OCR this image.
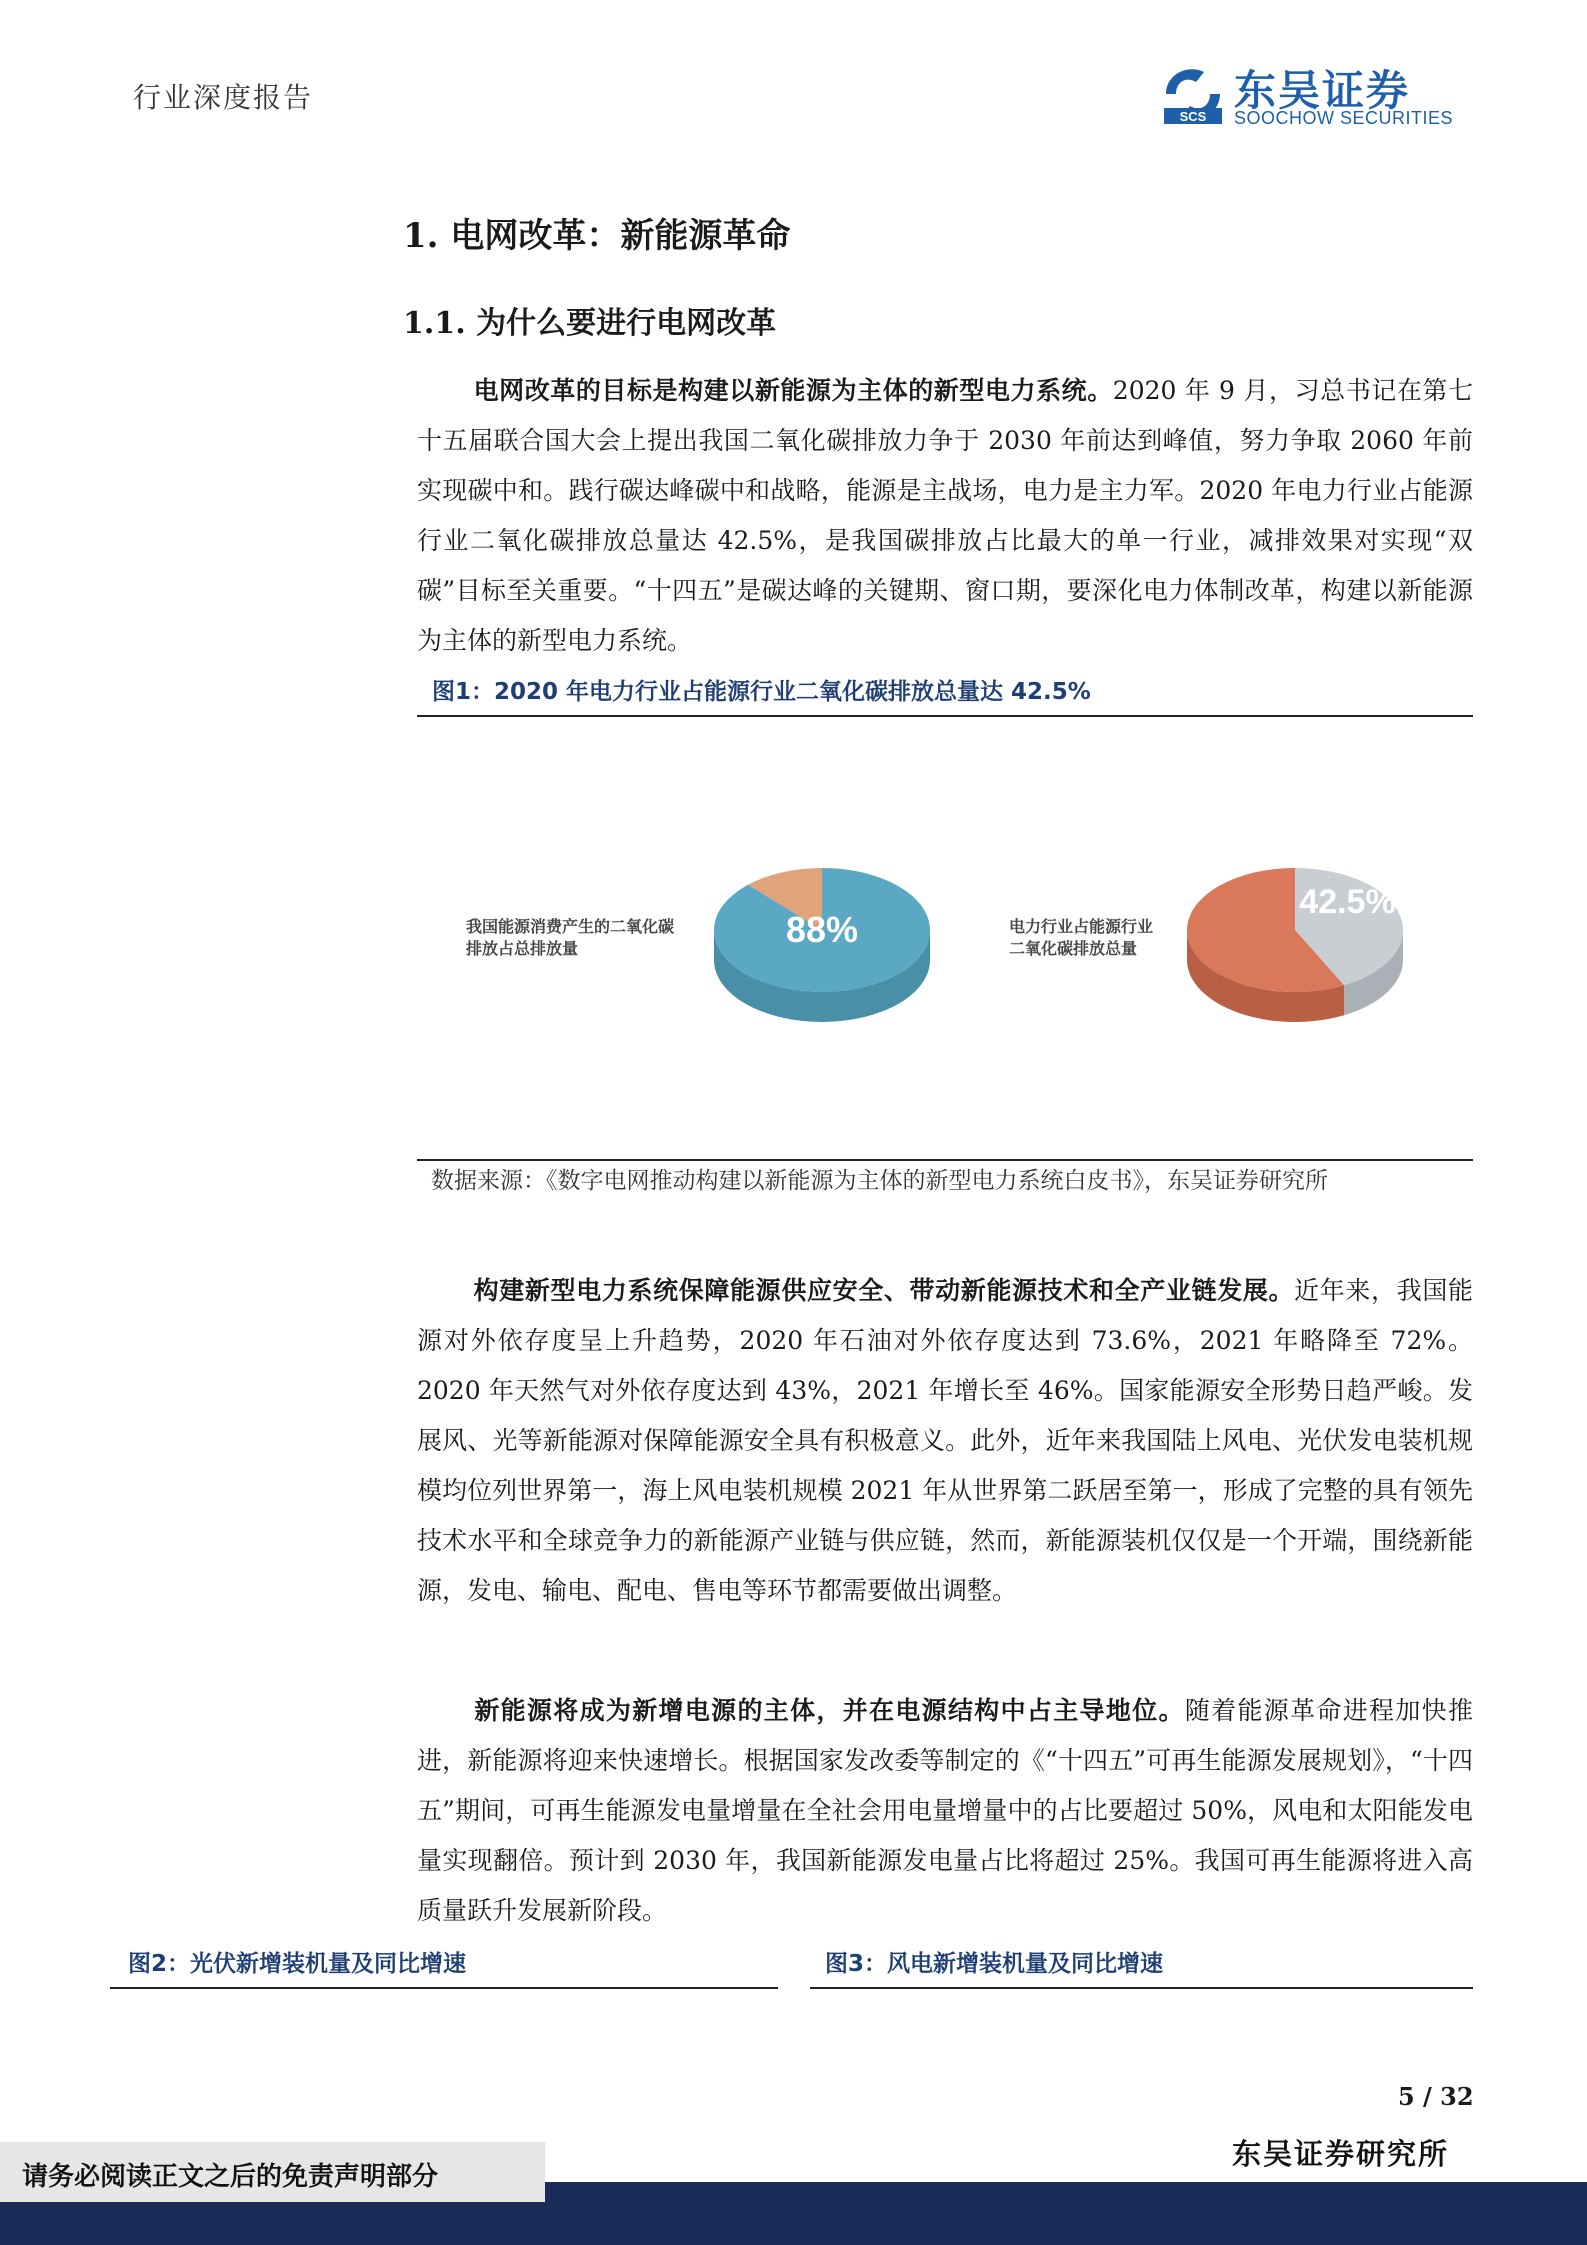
行业深度报告
SCS
东吴证券
SOOCHOW SECURITIES
1. 电网改革：新能源革命
1.1. 为什么要进行电网改革
电网改革的目标是构建以新能源为主体的新型电力系统。2020 年 9 月，习总书记在第七十五届联合国大会上提出我国二氧化碳排放力争于 2030 年前达到峰值，努力争取 2060 年前实现碳中和。践行碳达峰碳中和战略，能源是主战场，电力是主力军。2020 年电力行业占能源行业二氧化碳排放总量达 42.5%，是我国碳排放占比最大的单一行业，减排效果对实现“双碳”目标至关重要。“十四五”是碳达峰的关键期、窗口期，要深化电力体制改革，构建以新能源为主体的新型电力系统。
图1：2020 年电力行业占能源行业二氧化碳排放总量达 42.5%
我国能源消费产生的二氧化碳
排放占总排放量	88%	电力行业占能源行业
二氧化碳排放总量
42.5%
数据来源：《数字电网推动构建以新能源为主体的新型电力系统白皮书》，东吴证券研究所
构建新型电力系统保障能源供应安全、带动新能源技术和全产业链发展。近年来，我国能源对外依存度呈上升趋势，2020 年石油对外依存度达到 73.6%，2021 年略降至 72%。2020 年天然气对外依存度达到 43%，2021 年增长至 46%。国家能源安全形势日趋严峻。发展风、光等新能源对保障能源安全具有积极意义。此外，近年来我国陆上风电、光伏发电装机规模均位列世界第一，海上风电装机规模 2021 年从世界第二跃居至第一，形成了完整的具有领先技术水平和全球竞争力的新能源产业链与供应链，然而，新能源装机仅仅是一个开端，围绕新能源，发电、输电、配电、售电等环节都需要做出调整。
新能源将成为新增电源的主体，并在电源结构中占主导地位。随着能源革命进程加快推进，新能源将迎来快速增长。根据国家发改委等制定的《“十四五”可再生能源发展规划》，“十四五”期间，可再生能源发电量增量在全社会用电量增量中的占比要超过 50%，风电和太阳能发电量实现翻倍。预计到 2030 年，我国新能源发电量占比将超过 25%。我国可再生能源将进入高质量跃升发展新阶段。
图2：光伏新增装机量及同比增速	图3：风电新增装机量及同比增速
5 / 32
请务必阅读正文之后的免责声明部分
东吴证券研究所
